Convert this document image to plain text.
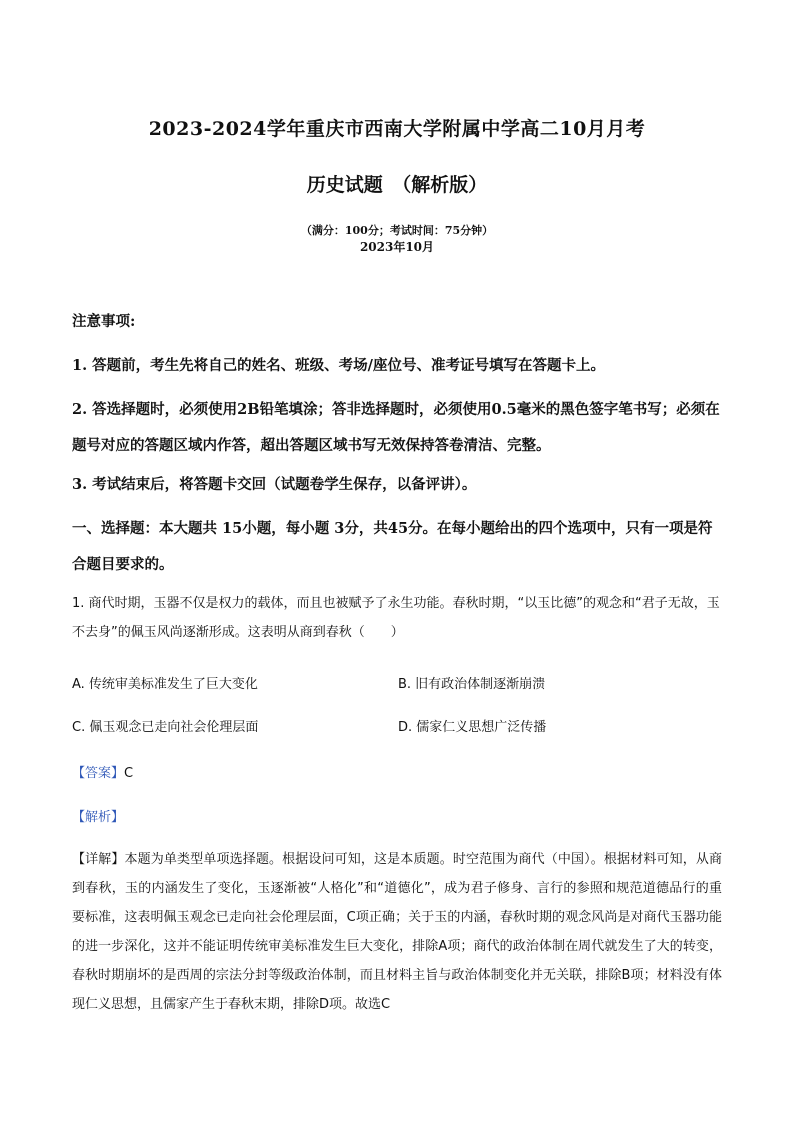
2023-2024学年重庆市西南大学附属中学高二10月月考
历史试题　（解析版）
（满分：100分；考试时间：75分钟）
2023年10月
注意事项:
1. 答题前，考生先将自己的姓名、班级、考场/座位号、准考证号填写在答题卡上。
2. 答选择题时，必须使用2B铅笔填涂；答非选择题时，必须使用0.5毫米的黑色签字笔书写；必须在题号对应的答题区域内作答，超出答题区域书写无效保持答卷清洁、完整。
3. 考试结束后，将答题卡交回（试题卷学生保存，以备评讲）。
一、选择题：本大题共 15小题，每小题 3分，共45分。在每小题给出的四个选项中，只有一项是符合题目要求的。
1. 商代时期，玉器不仅是权力的载体，而且也被赋予了永生功能。春秋时期，“以玉比德”的观念和“君子无故，玉不去身”的佩玉风尚逐渐形成。这表明从商到春秋（　　）
A. 传统审美标准发生了巨大变化	B. 旧有政治体制逐渐崩溃
C. 佩玉观念已走向社会伦理层面	D. 儒家仁义思想广泛传播
【答案】C
【解析】
【详解】本题为单类型单项选择题。根据设问可知，这是本质题。时空范围为商代（中国）。根据材料可知，从商到春秋，玉的内涵发生了变化，玉逐渐被“人格化”和“道德化”，成为君子修身、言行的参照和规范道德品行的重要标准，这表明佩玉观念已走向社会伦理层面，C项正确；关于玉的内涵，春秋时期的观念风尚是对商代玉器功能的进一步深化，这并不能证明传统审美标准发生巨大变化，排除A项；商代的政治体制在周代就发生了大的转变，春秋时期崩坏的是西周的宗法分封等级政治体制，而且材料主旨与政治体制变化并无关联，排除B项；材料没有体现仁义思想，且儒家产生于春秋末期，排除D项。故选C
